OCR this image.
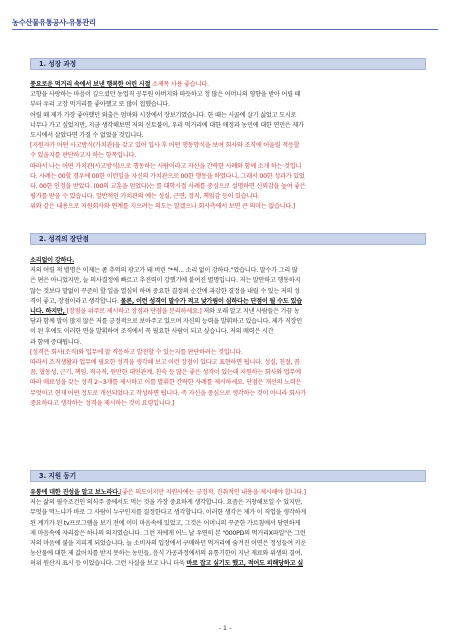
농수산물유통공사-유통관리
1. 성장 과정

풍요로운 먹거리 속에서 보낸 행복한 어린 시절 소제목 사용 좋습니다.

고향을 사랑하는 마음이 깊으셨던 농업직 공무원 아버지와 따듯하고 정 많은 어머니의 영향을 받아 어릴 때

부터 우리 고장 먹거리를 좋아했고 또 많이 접했습니다.

어릴 때 제가 가장 좋아했던 외출은 엄마와 시장에서 장보기였습니다. 한 때는 시골에 살기 싫었고 도시로

너무나 가고 싶었지만, 지금 생각해보면 저의 신토불이, 우리 먹거리에 대한 애정과 농민에 대한 연민은 제가

도시에서 살았다면 가질 수 없었을 것입니다.

[지원자가 어떤 사고방식(가치관)을 갖고 있어 입사 후 어떤 행동양식을 보여 회사와 조직에 어울릴 적응할

수 있을지를 판단하고자 하는 항목입니다.

따라서 나는 어떤 가치관(사고방식)으로 행동하는 사람이라고 자신을 간략한 사례와 함께 소개 하는 것입니

다. 사례는 00할 경우에 00한 이런일을 자신의 가치관으로 00한 행동을 하였다니, 그래서 00한 성과가 있었

다. 00한 인정을 받았다. (00의 교훈을 얻었다)는 를 대학시절 사례를 중심으로 설명하면 신뢰감을 높여 좋은

평가를 받을 수 있습니다. 일반적인 가치관의 예는 성실, 근면, 정직, 책임감 등이 있습니다.

위와 같은 내용으로 지원회사와 연계를 지으려는 의도는 알겠으나 회사측에서 보면 큰 의미는 없습니다.]

2. 성격의 장단점

소리없이 강하다.

저의 어릴 적 별명은 이제는 좀 추억의 광고가 돼 버린 "*써... 소리 없이 강하다."였습니다. 말수가 그리 많

은 편은 아니었지만, 늘 의사결정에 빠르고 추진력이 강했기에 붙여진 별명입니다. 저는 말만하고 행동하지

않는 것보다 말없이 꾸준히 할 일을 열심히 하며 중요한 결정의 순간에 과감한 결정을 내릴 수 있는 저의 성

격이 좋고, 장점이라고 생각합니다. 물론, 이런 성격이 말수가 적고 낯가림이 심하다는 단점이 될 수도 있습

니다. 하지만, [장점을 위주로 제시하고 장점과 단점을 분리하세요.] 저와 오래 알고 지낸 사람들은 가끔 농

담과 함께 말이 많지 않은 저를 긍정적으로 보아주고 있으며 자신의 능력을 발휘하고 있습니다. 제가 직장인

이 된 후에도 이러한 면을 발휘하여 조직에서 꼭 필요한 사람이 되고 싶습니다. 저의 매력은 시간

과 함께 증대됩니다.

[성격은 회사(조직)와 업무에 잘 적응하고 발전할 수 있는지를 판단하려는 것입니다.

따라서 조직생활과 업무에 필요한 성격을 생각해 보고 이런 장점이 있다고 표현하면 됩니다. 성실, 친절, 꼼

꼼, 협동성, 근기, 책임, 적극적, 원만한 대인관계, 친숙 등 많은 좋은 성격이 있는데 지원하는 회사와 업무에

따라 매료성을 갖는 성격 2~3개를 제시하고 이를 발휘한 간략한 사례를 제시하세요. 단점은 개선의 노력은

무엇이고 현재 어떤 정도로 개선되었다고 작성하면 됩니다. 즉 자신을 중심으로 생각하는 것이 아니라 회사가

중요하다고 생각하는 성격을 제시하는 것이 요령입니다.]

3. 지원 동기

유통에 대한 진성을 알고 보노라다.[좋은 의도이지만 지원사에는 긍정적, 진취적인 내용을 제시해야 합니다.]

저는 삶의 필수조건인 의식주 중에서도 먹는 것을 가장 중요하게 생각합니다. 요즘은 거창해보일 수 있지만,

무엇을 먹느냐가 바로 그 사람이 누구인지를 결정한다고 생각합니다. 이러한 생각은 제가 이 직업을 생각하게

된 계기가 된 tv프로그램을 보기 전에 이미 마음속에 있었고, 그것은 어머니의 꾸준한 가르침에서 당연하게

제 마음속에 자리잡은 하나의 의지였습니다. 그런 저에게 어느 날 우연히 본 "000PD의 먹거리X파일"은 그런

저의 마음에 불을 지피게 되었습니다. 늘 소비자의 입장에서 구매하던 먹거리에 숨겨진 이면은 정성들여 키운

농산물에 대한 제 값어치를 받지 못하는 농민들, 음식 가공과정에서의 유통기한이 지난 재료와 위생의 결여,

허위 원산지 표시 등 이었습니다. 그런 사실을 보고 나니 더욱 바로 잡고 싶기도 했고, 적어도 피해당하고 싶

- 1 -
